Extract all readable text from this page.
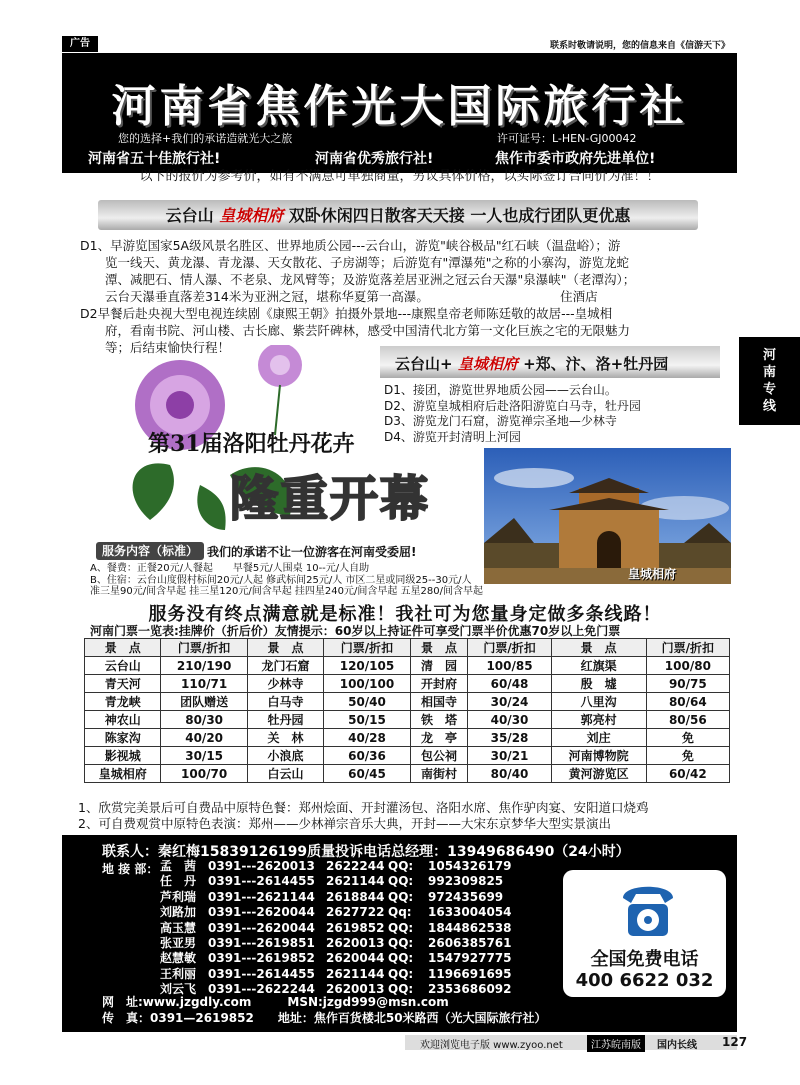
广告	联系时敬请说明，您的信息来自《信游天下》
河南省焦作光大国际旅行社
您的选择+我们的承诺造就光大之旅	许可证号：L-HEN-GJ00042
河南省五十佳旅行社!	河南省优秀旅行社!	焦作市委市政府先进单位!
以下的报价为参考价，如有不满意可单独商量，另议具体价格，以实际签订合同价为准！！
云台山 皇城相府 双卧休闲四日散客天天接 一人也成行团队更优惠
D1、早游览国家5A级风景名胜区、世界地质公园---云台山，游览"峡谷极品"红石峡（温盘峪）；游
　　览一线天、黄龙瀑、青龙瀑、天女散花、子房湖等；后游览有"潭瀑苑"之称的小寨沟，游览龙蛇
　　潭、减肥石、情人瀑、不老泉、龙风臂等；及游览落差居亚洲之冠云台天瀑"泉瀑峡"（老潭沟）；
　　云台天瀑垂直落差314米为亚洲之冠，堪称华夏第一高瀑。　　　　　　　　　　　住酒店
D2早餐后赴央视大型电视连续剧《康熙王朝》拍摄外景地---康熙皇帝老师陈廷敬的故居---皇城相
　　府，看南书院、河山楼、古长廊、紫芸阡碑林，感受中国清代北方第一文化巨族之宅的无限魅力
　　等；后结束愉快行程！
河南专线
第31届洛阳牡丹花卉
隆重开幕
云台山+ 皇城相府 +郑、汴、洛+牡丹园
D1、接团，游览世界地质公园——云台山。
D2、游览皇城相府后赴洛阳游览白马寺，牡丹园
D3、游览龙门石窟，游览禅宗圣地—少林寺
D4、游览开封清明上河园
皇城相府
服务内容（标准） 我们的承诺不让一位游客在河南受委屈!
A、餐费：正餐20元/人餐起　　早餐5元/人围桌 10--元/人自助
B、住宿：云台山度假村标间20元/人起 修武标间25元/人 市区二星或同级25--30元/人
准三星90元/间含早起 挂三星120元/间含早起 挂四星240元/间含早起 五星280/间含早起
服务没有终点满意就是标准！我社可为您量身定做多条线路！
河南门票一览表:挂牌价（折后价）友情提示：60岁以上持证件可享受门票半价优惠70岁以上免门票
景　点	门票/折扣	景　点	门票/折扣	景　点	门票/折扣	景　点	门票/折扣
云台山	210/190	龙门石窟	120/105	清　园	100/85	红旗渠	100/80
青天河	110/71	少林寺	100/100	开封府	60/48	殷　墟	90/75
青龙峡	团队赠送	白马寺	50/40	相国寺	30/24	八里沟	80/64
神农山	80/30	牡丹园	50/15	铁　塔	40/30	郭亮村	80/56
陈家沟	40/20	关　林	40/28	龙　亭	35/28	刘庄	免
影视城	30/15	小浪底	60/36	包公祠	30/21	河南博物院	免
皇城相府	100/70	白云山	60/45	南街村	80/40	黄河游览区	60/42
1、欣赏完美景后可自费品中原特色餐：郑州烩面、开封灌汤包、洛阳水席、焦作驴肉宴、安阳道口烧鸡
2、可自费观赏中原特色表演：郑州——少林禅宗音乐大典，开封——大宋东京梦华大型实景演出
联系人：秦红梅15839126199质量投诉电话总经理：13949686490（24小时）
地 接 部： 孟　茜 0391---2620013 2622244 QQ: 1054326179
任　丹 0391---2614455 2621144 QQ: 992309825
芦利瑞 0391---2621144 2618844 QQ: 972435699
刘路加 0391---2620044 2627722 Qq: 1633004054
高玉慧 0391---2620044 2619852 QQ: 1844862538
张亚男 0391---2619851 2620013 QQ: 2606385761
赵慧敏 0391---2619852 2620044 QQ: 1547927775
王利丽 0391---2614455 2621144 QQ: 1196691695
刘云飞 0391---2622244 2620013 QQ: 2353686092
网　址:www.jzgdly.com　　　MSN:jzgd999@msn.com
传　真：0391—2619852　　地址：焦作百货楼北50米路西（光大国际旅行社）
全国免费电话
400 6622 032
欢迎浏览电子版 www.zyoo.net	江苏皖南版	国内长线 127
